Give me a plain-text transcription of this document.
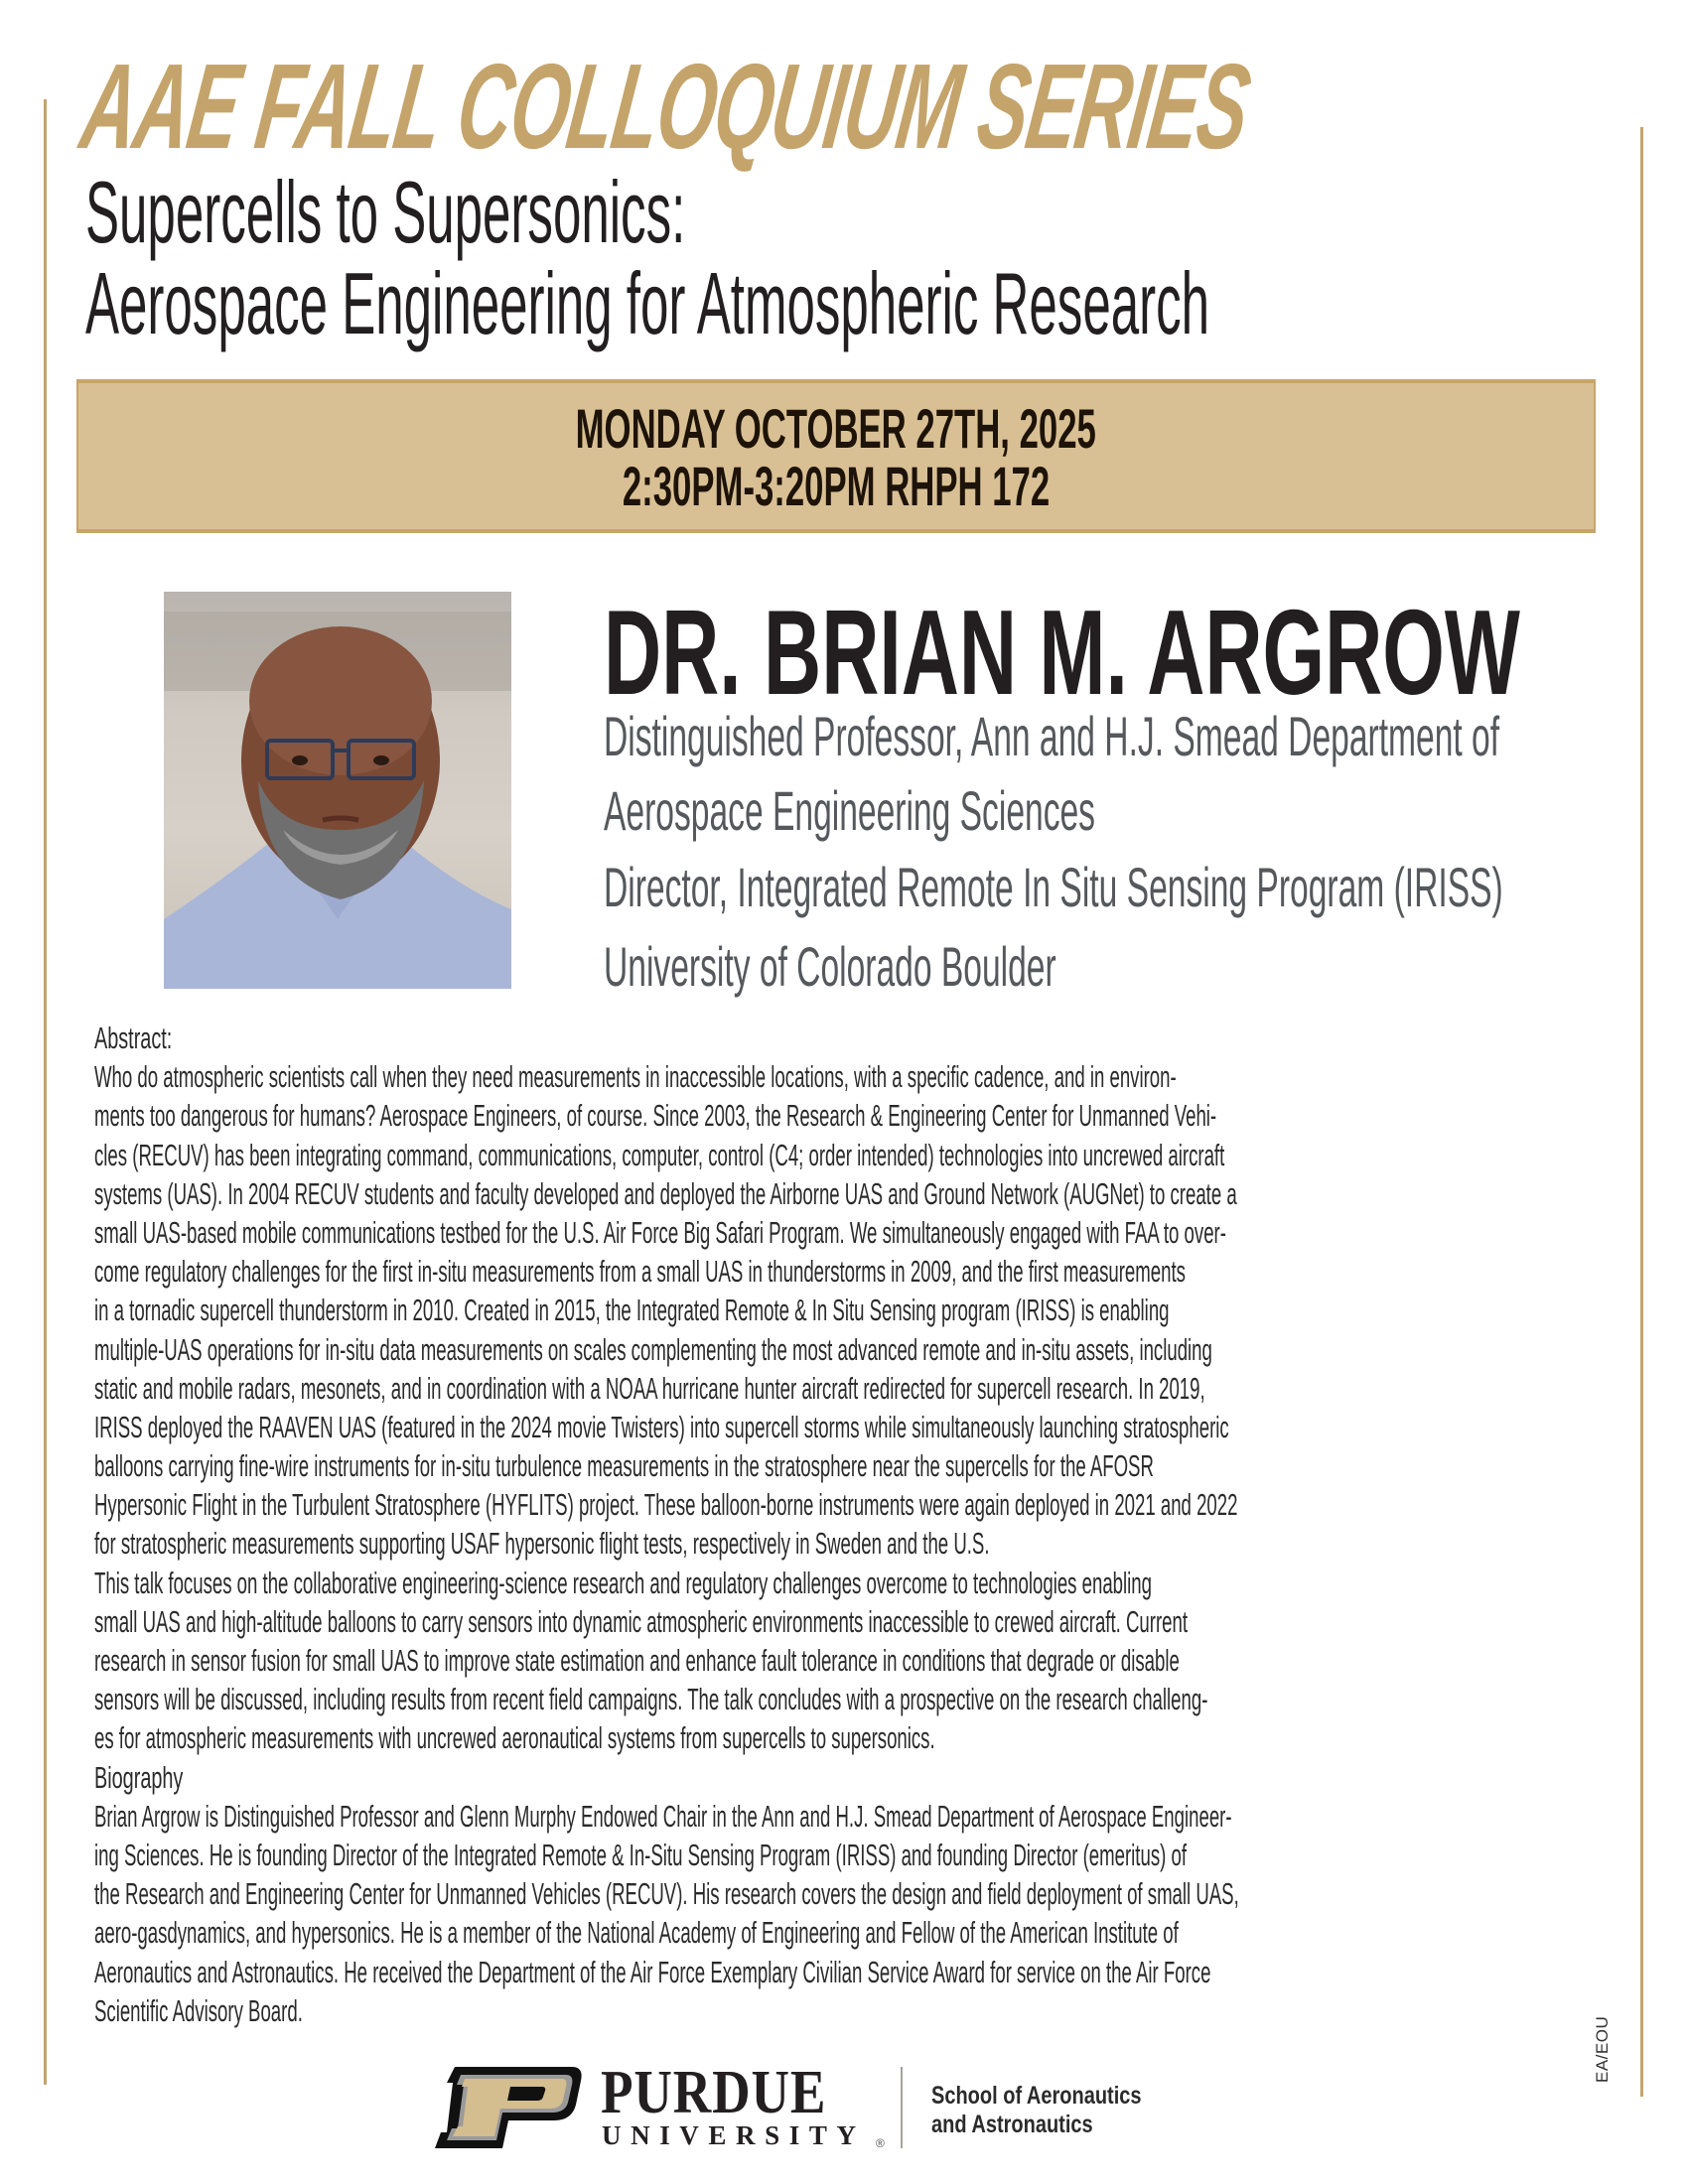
AAE FALL COLLOQUIUM SERIES
Supercells to Supersonics:
Aerospace Engineering for Atmospheric Research
MONDAY OCTOBER 27TH, 2025
2:30PM-3:20PM RHPH 172
DR. BRIAN M. ARGROW
Distinguished Professor, Ann and H.J. Smead Department of
Aerospace Engineering Sciences
Director, Integrated Remote In Situ Sensing Program (IRISS)
University of Colorado Boulder
Abstract:
Who do atmospheric scientists call when they need measurements in inaccessible locations, with a specific cadence, and in environ-
ments too dangerous for humans? Aerospace Engineers, of course. Since 2003, the Research & Engineering Center for Unmanned Vehi-
cles (RECUV) has been integrating command, communications, computer, control (C4; order intended) technologies into uncrewed aircraft
systems (UAS). In 2004 RECUV students and faculty developed and deployed the Airborne UAS and Ground Network (AUGNet) to create a
small UAS-based mobile communications testbed for the U.S. Air Force Big Safari Program. We simultaneously engaged with FAA to over-
come regulatory challenges for the first in-situ measurements from a small UAS in thunderstorms in 2009, and the first measurements
in a tornadic supercell thunderstorm in 2010. Created in 2015, the Integrated Remote & In Situ Sensing program (IRISS) is enabling
multiple-UAS operations for in-situ data measurements on scales complementing the most advanced remote and in-situ assets, including
static and mobile radars, mesonets, and in coordination with a NOAA hurricane hunter aircraft redirected for supercell research. In 2019,
IRISS deployed the RAAVEN UAS (featured in the 2024 movie Twisters) into supercell storms while simultaneously launching stratospheric
balloons carrying fine-wire instruments for in-situ turbulence measurements in the stratosphere near the supercells for the AFOSR
Hypersonic Flight in the Turbulent Stratosphere (HYFLITS) project. These balloon-borne instruments were again deployed in 2021 and 2022
for stratospheric measurements supporting USAF hypersonic flight tests, respectively in Sweden and the U.S.
This talk focuses on the collaborative engineering-science research and regulatory challenges overcome to technologies enabling
small UAS and high-altitude balloons to carry sensors into dynamic atmospheric environments inaccessible to crewed aircraft. Current
research in sensor fusion for small UAS to improve state estimation and enhance fault tolerance in conditions that degrade or disable
sensors will be discussed, including results from recent field campaigns. The talk concludes with a prospective on the research challeng-
es for atmospheric measurements with uncrewed aeronautical systems from supercells to supersonics.
Biography
Brian Argrow is Distinguished Professor and Glenn Murphy Endowed Chair in the Ann and H.J. Smead Department of Aerospace Engineer-
ing Sciences. He is founding Director of the Integrated Remote & In-Situ Sensing Program (IRISS) and founding Director (emeritus) of
the Research and Engineering Center for Unmanned Vehicles (RECUV). His research covers the design and field deployment of small UAS,
aero-gasdynamics, and hypersonics. He is a member of the National Academy of Engineering and Fellow of the American Institute of
Aeronautics and Astronautics. He received the Department of the Air Force Exemplary Civilian Service Award for service on the Air Force
Scientific Advisory Board.
PURDUE
UNIVERSITY ®
School of Aeronautics
and Astronautics
EA/EOU
